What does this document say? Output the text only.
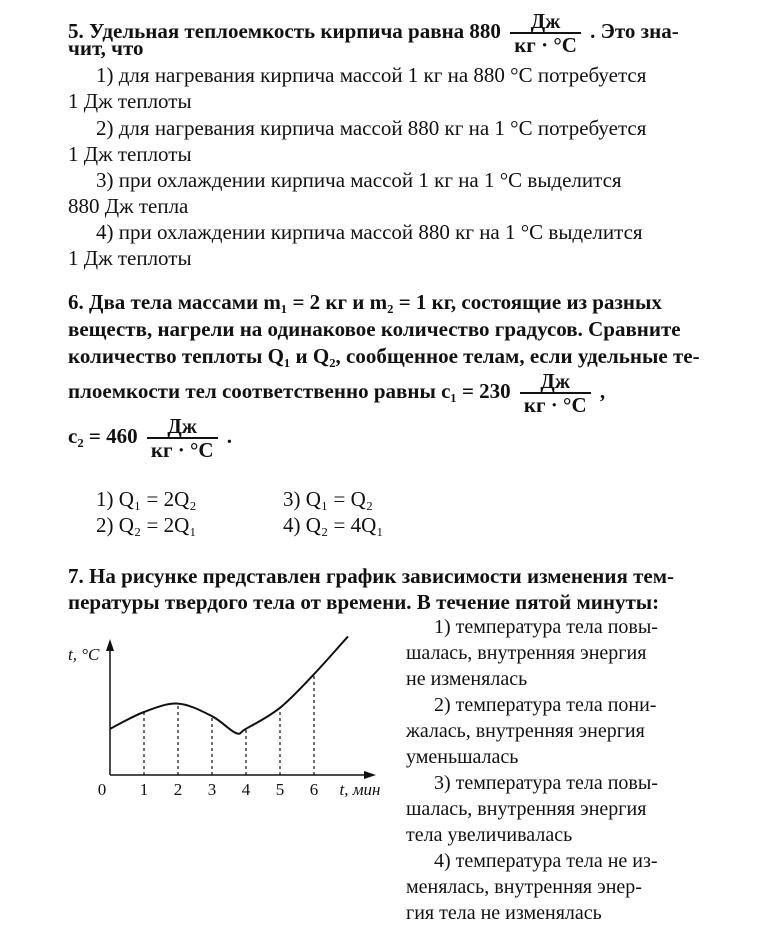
5. Удельная теплоемкость кирпича равна $880 \frac{Дж}{кг \cdot ^\circ С}$ . Это зна-
чит, что
1) для нагревания кирпича массой 1 кг на 880 °С потребуется
1 Дж теплоты
2) для нагревания кирпича массой 880 кг на 1 °С потребуется
1 Дж теплоты
3) при охлаждении кирпича массой 1 кг на 1 °С выделится
880 Дж тепла
4) при охлаждении кирпича массой 880 кг на 1 °С выделится
1 Дж теплоты
6. Два тела массами m₁ = 2 кг и m₂ = 1 кг, состоящие из разных
веществ, нагрели на одинаковое количество градусов. Сравните
количество теплоты Q₁ и Q₂, сообщенное телам, если удельные те-
плоемкости тел соответственно равны $c_1 = 230 \frac{Дж}{кг \cdot ^\circ С}$ ,
$c_2 = 460 \frac{Дж}{кг \cdot ^\circ С}$ .
1) Q₁ = 2Q₂	3) Q₁ = Q₂
2) Q₂ = 2Q₁	4) Q₂ = 4Q₁
7. На рисунке представлен график зависимости изменения тем-
пературы твердого тела от времени. В течение пятой минуты:
0 1 2 3 4 5 6 t, мин
t, °С
1) температура тела повы-
шалась, внутренняя энергия
не изменялась
2) температура тела пони-
жалась, внутренняя энергия
уменьшалась
3) температура тела повы-
шалась, внутренняя энергия
тела увеличивалась
4) температура тела не из-
менялась, внутренняя энер-
гия тела не изменялась
